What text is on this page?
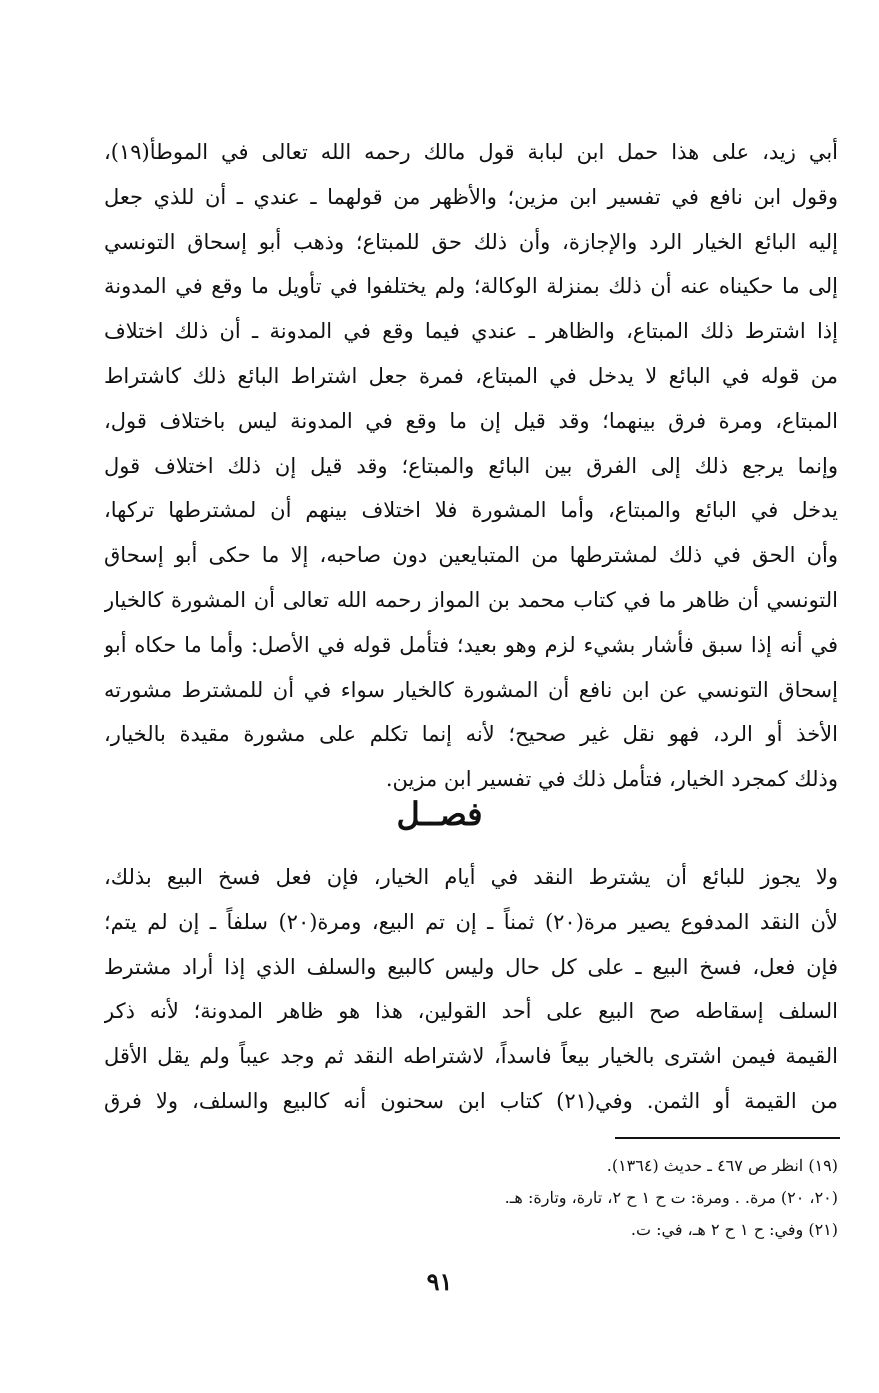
أبي زيد، على هذا حمل ابن لبابة قول مالك رحمه الله تعالى في الموطأ(١٩)،
وقول ابن نافع في تفسير ابن مزين؛ والأظهر من قولهما ـ عندي ـ أن للذي جعل
إليه البائع الخيار الرد والإجازة، وأن ذلك حق للمبتاع؛ وذهب أبو إسحاق التونسي
إلى ما حكيناه عنه أن ذلك بمنزلة الوكالة؛ ولم يختلفوا في تأويل ما وقع في المدونة
إذا اشترط ذلك المبتاع، والظاهر ـ عندي فيما وقع في المدونة ـ أن ذلك اختلاف
من قوله في البائع لا يدخل في المبتاع، فمرة جعل اشتراط البائع ذلك كاشتراط
المبتاع، ومرة فرق بينهما؛ وقد قيل إن ما وقع في المدونة ليس باختلاف قول،
وإنما يرجع ذلك إلى الفرق بين البائع والمبتاع؛ وقد قيل إن ذلك اختلاف قول
يدخل في البائع والمبتاع، وأما المشورة فلا اختلاف بينهم أن لمشترطها تركها،
وأن الحق في ذلك لمشترطها من المتبايعين دون صاحبه، إلا ما حكى أبو إسحاق
التونسي أن ظاهر ما في كتاب محمد بن المواز رحمه الله تعالى أن المشورة كالخيار
في أنه إذا سبق فأشار بشيء لزم وهو بعيد؛ فتأمل قوله في الأصل: وأما ما حكاه أبو
إسحاق التونسي عن ابن نافع أن المشورة كالخيار سواء في أن للمشترط مشورته
الأخذ أو الرد، فهو نقل غير صحيح؛ لأنه إنما تكلم على مشورة مقيدة بالخيار،
وذلك كمجرد الخيار، فتأمل ذلك في تفسير ابن مزين.
فصــل
ولا يجوز للبائع أن يشترط النقد في أيام الخيار، فإن فعل فسخ البيع بذلك،
لأن النقد المدفوع يصير مرة(٢٠) ثمناً ـ إن تم البيع، ومرة(٢٠) سلفاً ـ إن لم يتم؛
فإن فعل، فسخ البيع ـ على كل حال وليس كالبيع والسلف الذي إذا أراد مشترط
السلف إسقاطه صح البيع على أحد القولين، هذا هو ظاهر المدونة؛ لأنه ذكر
القيمة فيمن اشترى بالخيار بيعاً فاسداً، لاشتراطه النقد ثم وجد عيباً ولم يقل الأقل
من القيمة أو الثمن. وفي(٢١) كتاب ابن سحنون أنه كالبيع والسلف، ولا فرق
(١٩) انظر ص ٤٦٧ ـ حديث (١٣٦٤).
(٢٠، ٢٠) مرة. . ومرة: ت ح ١ ح ٢، تارة، وتارة: هـ.
(٢١) وفي: ح ١ ح ٢ هـ، في: ت.
٩١
